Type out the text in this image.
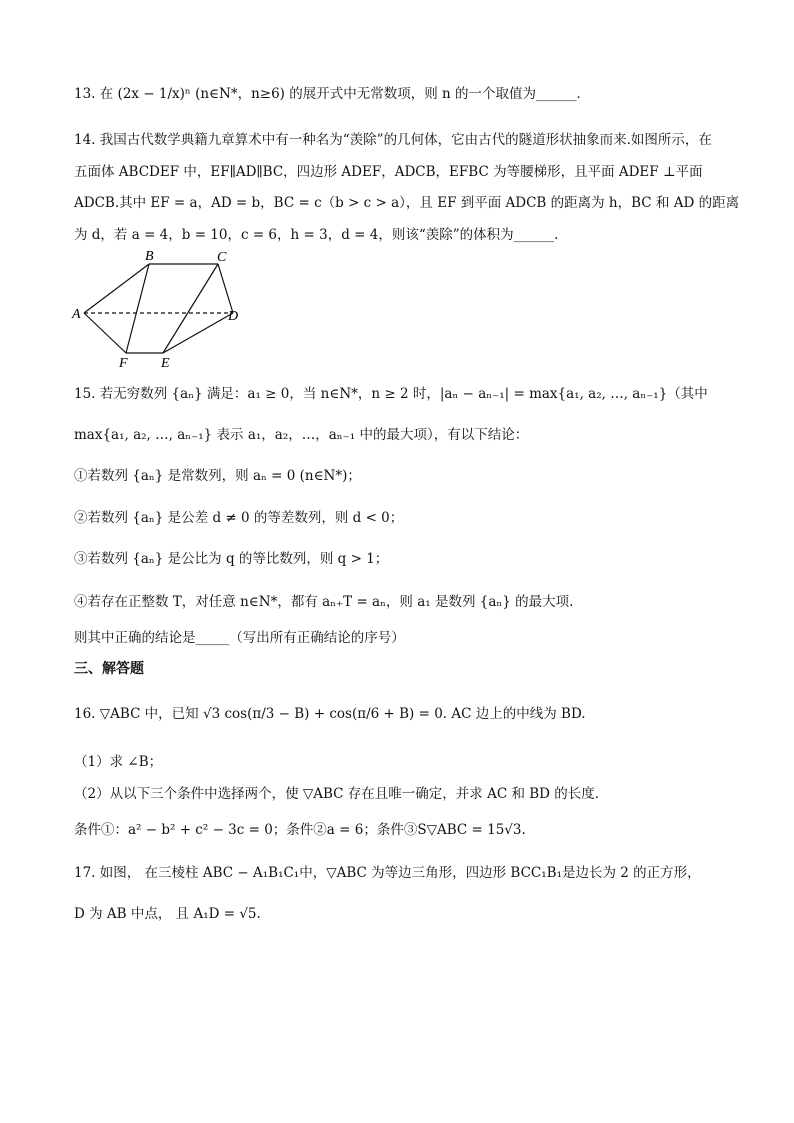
13. 在 (2x − 1/x)ⁿ (n∈N*，n≥6) 的展开式中无常数项，则 n 的一个取值为______．
14. 我国古代数学典籍九章算术中有一种名为“羡除”的几何体，它由古代的隧道形状抽象而来.如图所示，在
五面体 ABCDEF 中，EF∥AD∥BC，四边形 ADEF，ADCB，EFBC 为等腰梯形，且平面 ADEF ⊥平面
ADCB.其中 EF = a，AD = b，BC = c（b > c > a），且 EF 到平面 ADCB 的距离为 h，BC 和 AD 的距离
为 d，若 a = 4，b = 10，c = 6，h = 3，d = 4，则该“羡除”的体积为______.
A
B	C
D
E
F
15. 若无穷数列 {aₙ} 满足：a₁ ≥ 0，当 n∈N*，n ≥ 2 时，|aₙ − aₙ₋₁| = max{a₁, a₂, …, aₙ₋₁}（其中
max{a₁, a₂, …, aₙ₋₁} 表示 a₁，a₂，…，aₙ₋₁ 中的最大项），有以下结论：
①若数列 {aₙ} 是常数列，则 aₙ = 0 (n∈N*)；
②若数列 {aₙ} 是公差 d ≠ 0 的等差数列，则 d < 0；
③若数列 {aₙ} 是公比为 q 的等比数列，则 q > 1；
④若存在正整数 T，对任意 n∈N*，都有 aₙ₊T = aₙ，则 a₁ 是数列 {aₙ} 的最大项.
则其中正确的结论是_____（写出所有正确结论的序号）
三、解答题
16. ▽ABC 中，已知 √3 cos(π/3 − B) + cos(π/6 + B) = 0. AC 边上的中线为 BD.
（1）求 ∠B；
（2）从以下三个条件中选择两个，使 ▽ABC 存在且唯一确定，并求 AC 和 BD 的长度.
条件①：a² − b² + c² − 3c = 0；条件②a = 6；条件③S▽ABC = 15√3.
17. 如图， 在三棱柱 ABC − A₁B₁C₁中，▽ABC 为等边三角形，四边形 BCC₁B₁是边长为 2 的正方形，
D 为 AB 中点， 且 A₁D = √5.
